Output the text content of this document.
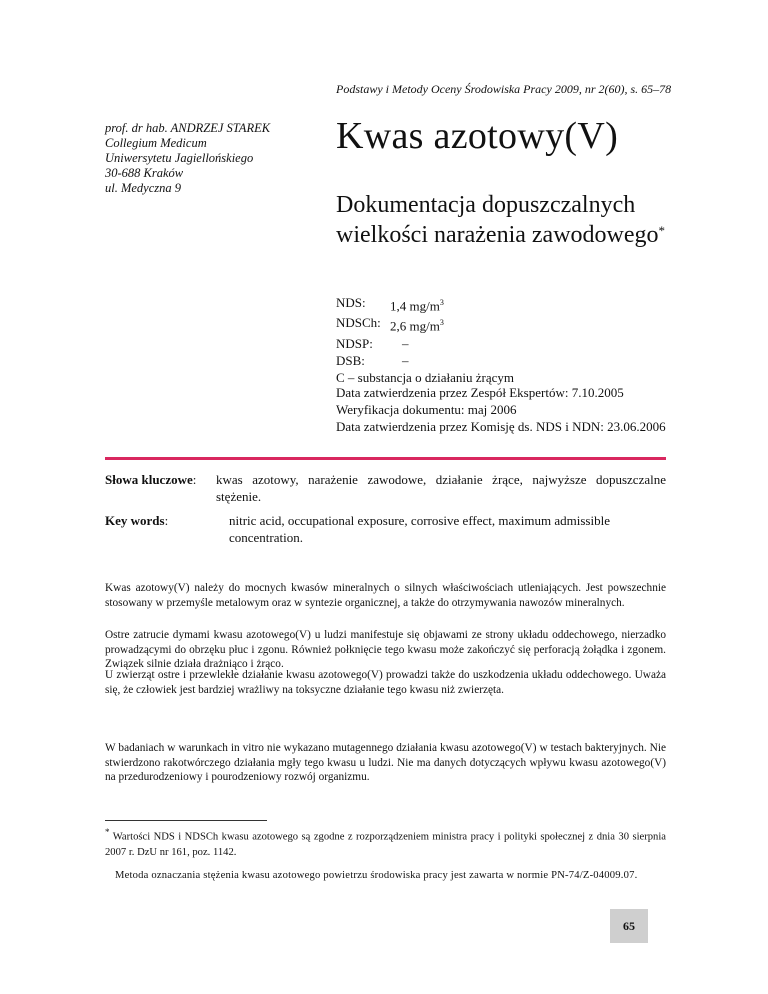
Podstawy i Metody Oceny Środowiska Pracy 2009, nr 2(60), s. 65–78
prof. dr hab. ANDRZEJ STAREK
Collegium Medicum
Uniwersytetu Jagiellońskiego
30-688 Kraków
ul. Medyczna 9
Kwas azotowy(V)
Dokumentacja dopuszczalnych
wielkości narażenia zawodowego*
NDS:	1,4 $mg/m^3$
NDSCh: 2,6 $mg/m^3$
NDSP:	–
DSB:	–
C – substancja o działaniu żrącym
Data zatwierdzenia przez Zespół Ekspertów: 7.10.2005
Weryfikacja dokumentu: maj 2006
Data zatwierdzenia przez Komisję ds. NDS i NDN: 23.06.2006
Słowa kluczowe: kwas azotowy, narażenie zawodowe, działanie żrące, najwyższe dopuszczalne stężenie.
Key words:	nitric acid, occupational exposure, corrosive effect, maximum admissible concentration.

Kwas azotowy(V) należy do mocnych kwasów mineralnych o silnych właściwościach utleniających. Jest powszechnie stosowany w przemyśle metalowym oraz w syntezie organicznej, a także do otrzymywania nawozów mineralnych.

Ostre zatrucie dymami kwasu azotowego(V) u ludzi manifestuje się objawami ze strony układu oddechowego, nierzadko prowadzącymi do obrzęku płuc i zgonu. Również połknięcie tego kwasu może zakończyć się perforacją żołądka i zgonem. Związek silnie działa drażniąco i żrąco.

U zwierząt ostre i przewlekłe działanie kwasu azotowego(V) prowadzi także do uszkodzenia układu oddechowego. Uważa się, że człowiek jest bardziej wrażliwy na toksyczne działanie tego kwasu niż zwierzęta.

W badaniach w warunkach in vitro nie wykazano mutagennego działania kwasu azotowego(V) w testach bakteryjnych. Nie stwierdzono rakotwórczego działania mgły tego kwasu u ludzi. Nie ma danych dotyczących wpływu kwasu azotowego(V) na przedurodzeniowy i pourodzeniowy rozwój organizmu.

* Wartości NDS i NDSCh kwasu azotowego są zgodne z rozporządzeniem ministra pracy i polityki społecznej z dnia 30 sierpnia 2007 r. DzU nr 161, poz. 1142.
Metoda oznaczania stężenia kwasu azotowego powietrzu środowiska pracy jest zawarta w normie PN-74/Z-04009.07.
65
